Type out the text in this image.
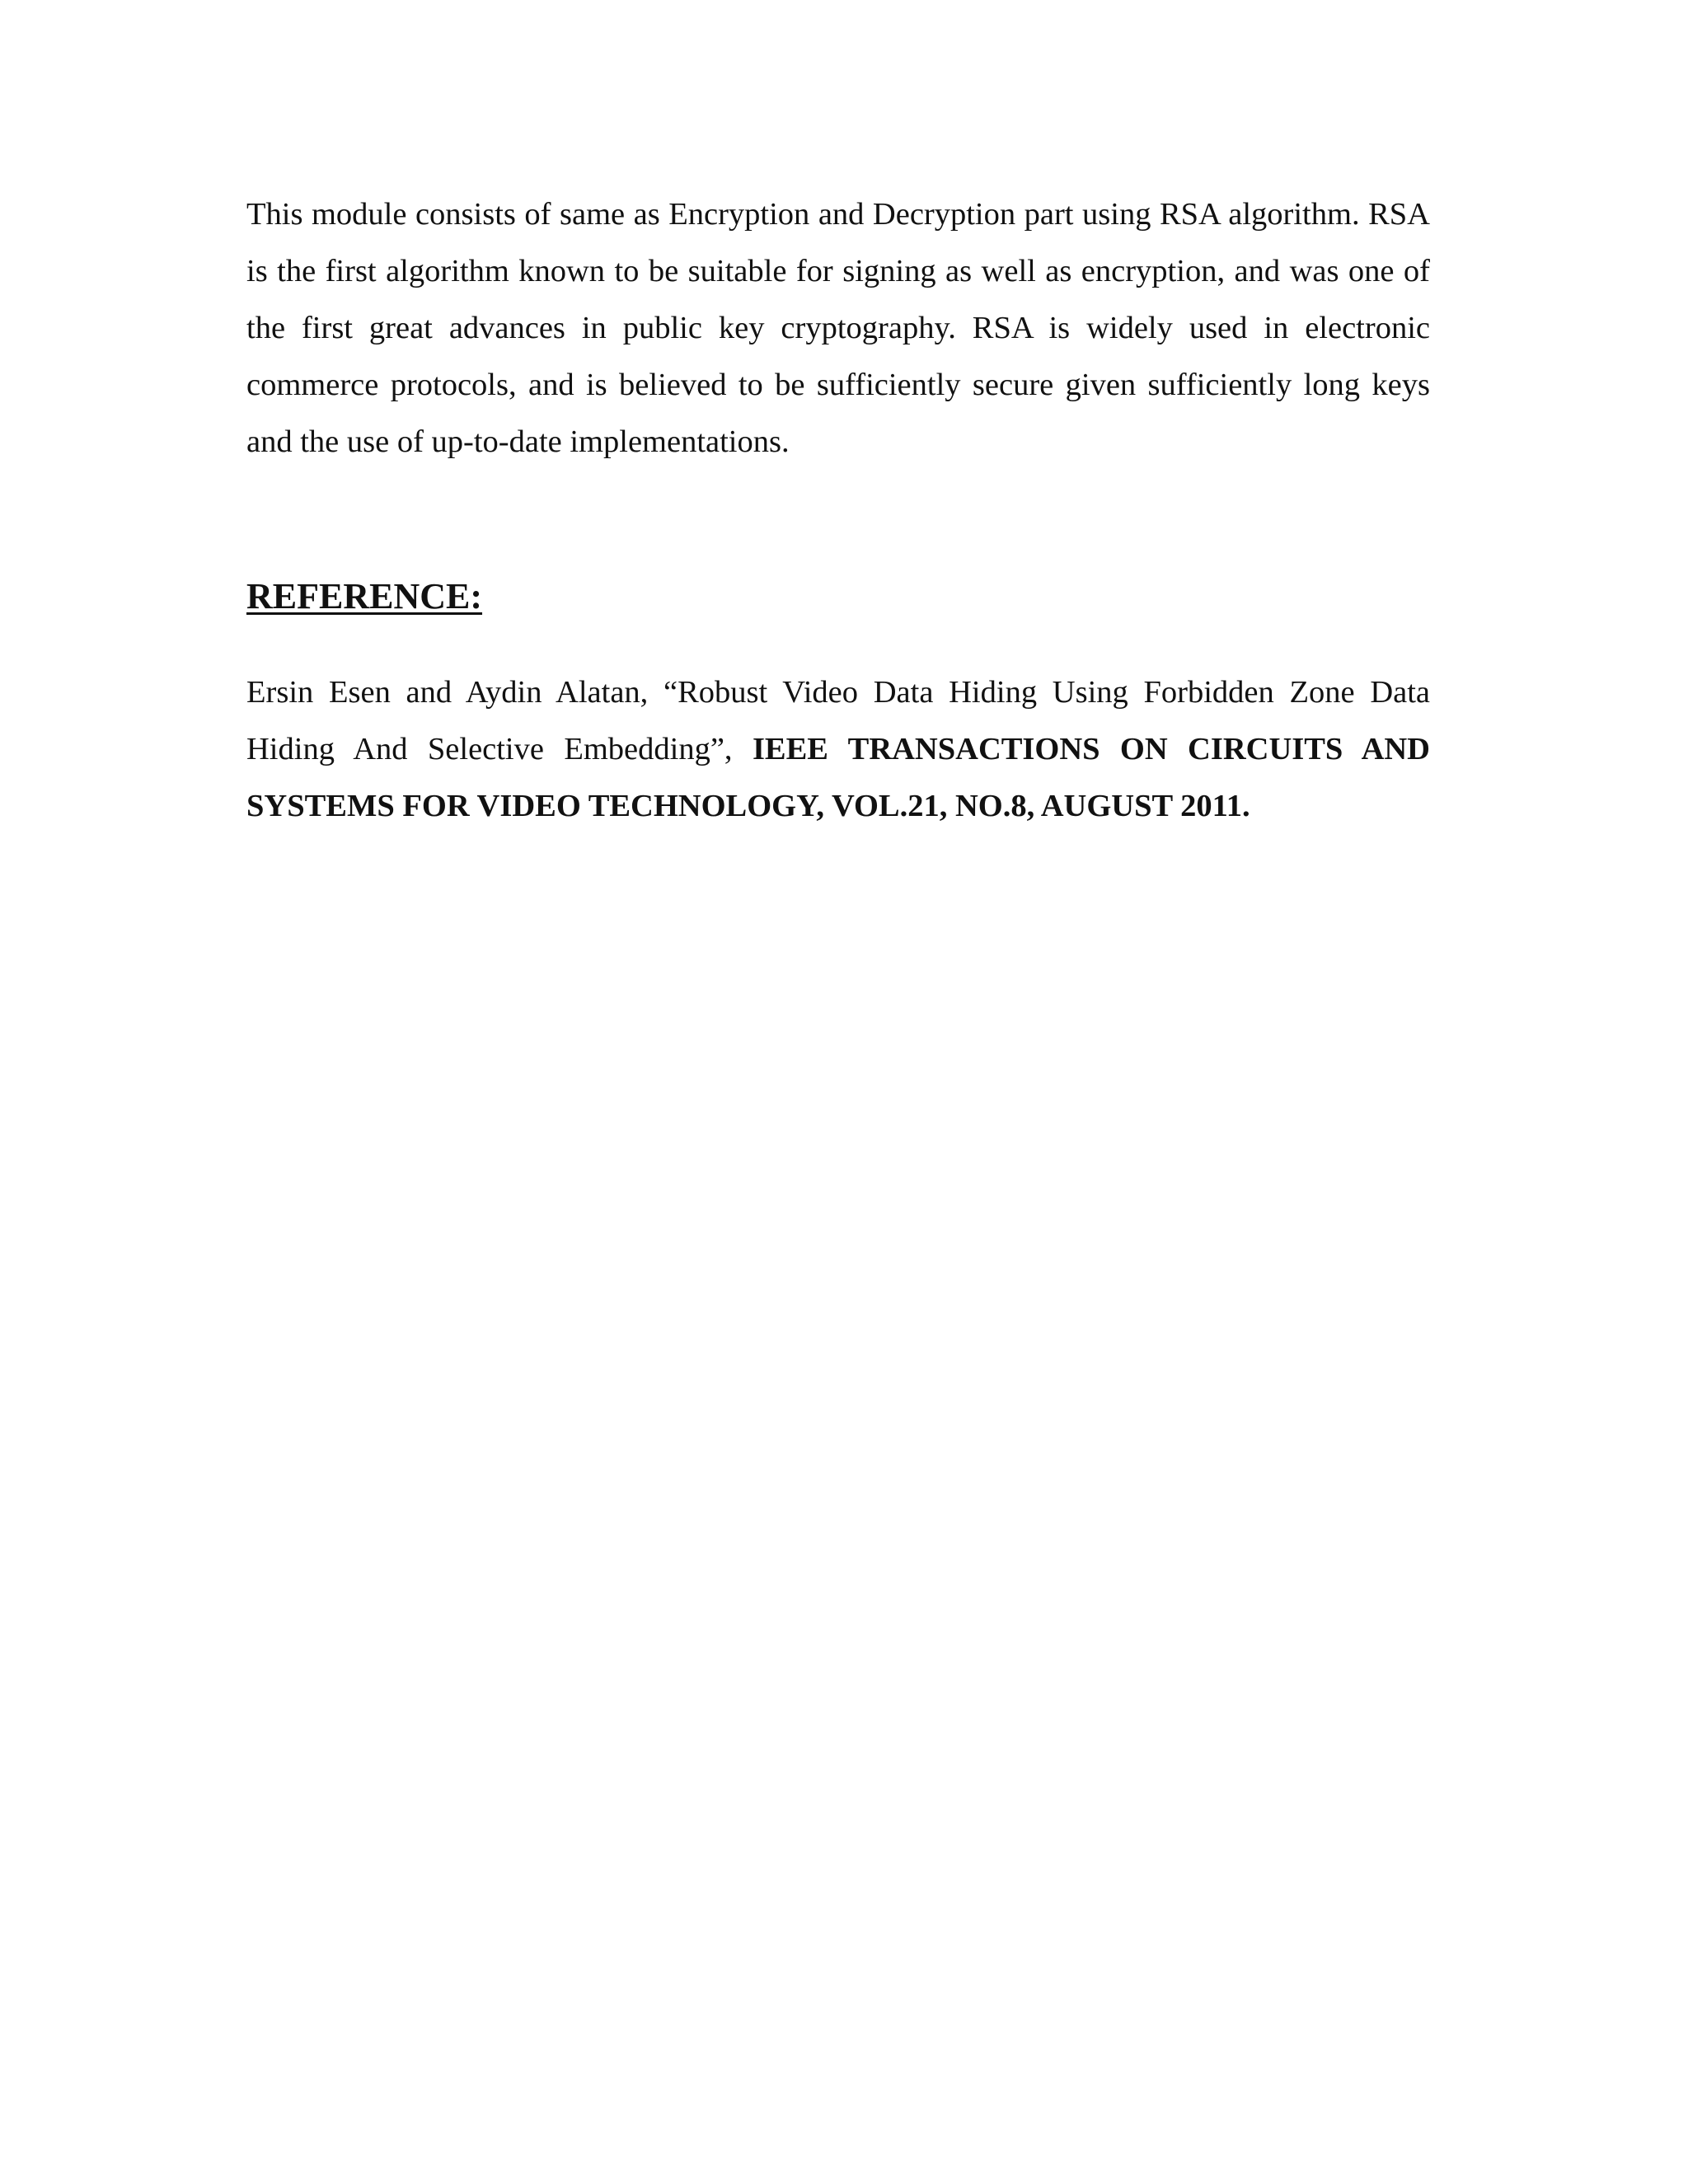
This module consists of same as Encryption and Decryption part using RSA algorithm. RSA is the first algorithm known to be suitable for signing as well as encryption, and was one of the first great advances in public key cryptography. RSA is widely used in electronic commerce protocols, and is believed to be sufficiently secure given sufficiently long keys and the use of up-to-date implementations.

REFERENCE:

Ersin Esen and Aydin Alatan, “Robust Video Data Hiding Using Forbidden Zone Data Hiding And Selective Embedding”, IEEE TRANSACTIONS ON CIRCUITS AND SYSTEMS FOR VIDEO TECHNOLOGY, VOL.21, NO.8, AUGUST 2011.
